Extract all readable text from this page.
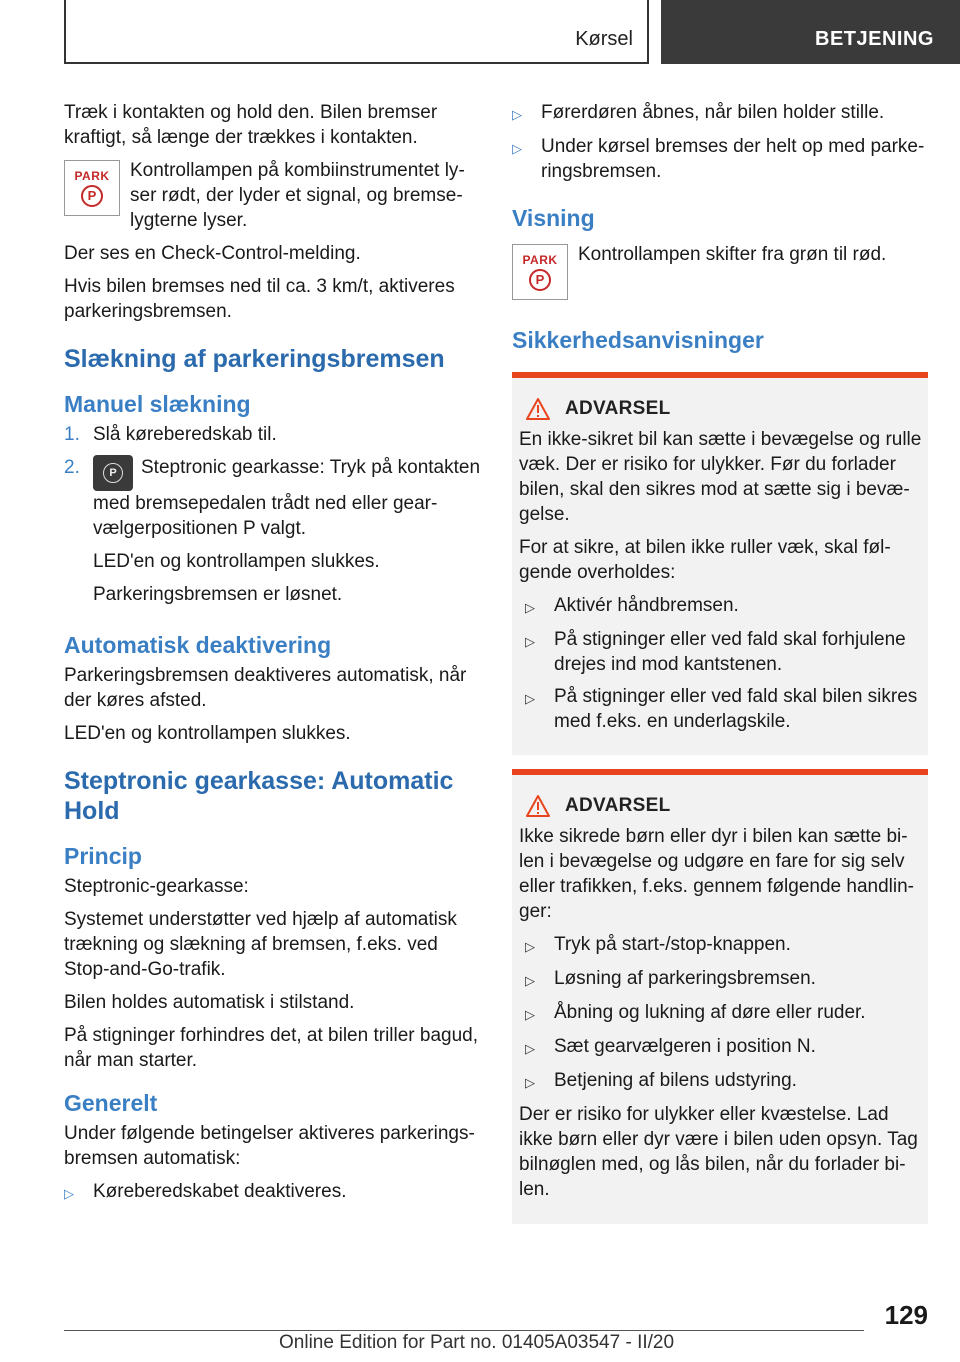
Kørsel	BETJENING

Træk i kontakten og hold den. Bilen bremser kraftigt, så længe der trækkes i kontakten.

PARK
P
Kontrollampen på kombiinstrumentet lyser rødt, der lyder et signal, og bremselygterne lyser.

Der ses en Check-Control-melding.

Hvis bilen bremses ned til ca. 3 km/t, aktiveres parkeringsbremsen.

Slækning af parkeringsbremsen
Manuel slækning
1. Slå køreberedskab til.
2.	P	Steptronic gearkasse: Tryk på kontakten med bremsepedalen trådt ned eller gearvælgerpositionen P valgt.

LED'en og kontrollampen slukkes.

Parkeringsbremsen er løsnet.

Automatisk deaktivering

Parkeringsbremsen deaktiveres automatisk, når der køres afsted.

LED'en og kontrollampen slukkes.

Steptronic gearkasse: Automatic Hold
Princip

Steptronic-gearkasse:

Systemet understøtter ved hjælp af automatisk trækning og slækning af bremsen, f.eks. ved Stop-and-Go-trafik.

Bilen holdes automatisk i stilstand.

På stigninger forhindres det, at bilen triller bagud, når man starter.

Generelt

Under følgende betingelser aktiveres parkeringsbremsen automatisk:

▷	Køreberedskabet deaktiveres.
▷	Førerdøren åbnes, når bilen holder stille.
▷	Under kørsel bremses der helt op med parkeringsbremsen.
Visning
PARK
P
Kontrollampen skifter fra grøn til rød.
Sikkerhedsanvisninger
ADVARSEL

En ikke-sikret bil kan sætte i bevægelse og rulle væk. Der er risiko for ulykker. Før du forlader bilen, skal den sikres mod at sætte sig i bevægelse.

For at sikre, at bilen ikke ruller væk, skal følgende overholdes:

▷	Aktivér håndbremsen.
▷	På stigninger eller ved fald skal forhjulene drejes ind mod kantstenen.
▷	På stigninger eller ved fald skal bilen sikres med f.eks. en underlagskile.
ADVARSEL

Ikke sikrede børn eller dyr i bilen kan sætte bilen i bevægelse og udgøre en fare for sig selv eller trafikken, f.eks. gennem følgende handlinger:

▷	Tryk på start-/stop-knappen.
▷	Løsning af parkeringsbremsen.
▷	Åbning og lukning af døre eller ruder.
▷	Sæt gearvælgeren i position N.
▷	Betjening af bilens udstyring.

Der er risiko for ulykker eller kvæstelse. Lad ikke børn eller dyr være i bilen uden opsyn. Tag bilnøglen med, og lås bilen, når du forlader bilen.

129
Online Edition for Part no. 01405A03547 - II/20
